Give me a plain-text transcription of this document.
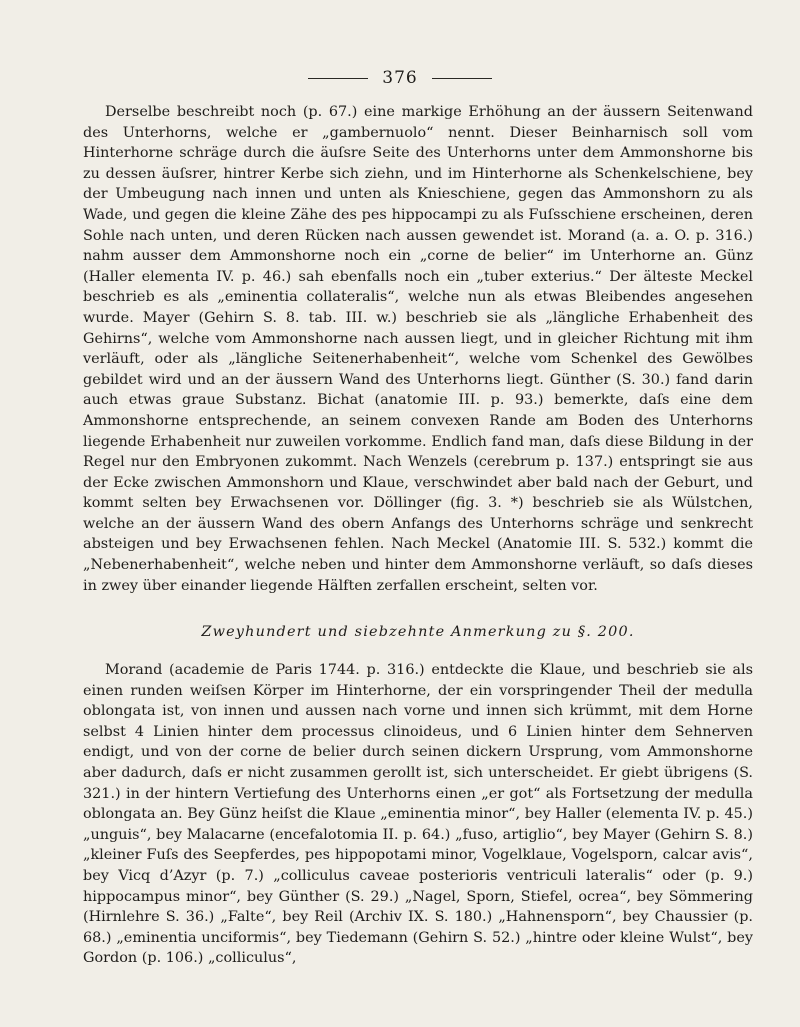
376

Derselbe beschreibt noch (p. 67.) eine markige Erhöhung an der äussern Seitenwand des Unterhorns, welche er „gambernuolo“ nennt. Dieser Beinharnisch soll vom Hinterhorne schräge durch die äuſsre Seite des Unterhorns unter dem Ammonshorne bis zu dessen äuſsrer, hintrer Kerbe sich ziehn, und im Hinterhorne als Schenkelschiene, bey der Umbeugung nach innen und unten als Knieschiene, gegen das Ammonshorn zu als Wade, und gegen die kleine Zähe des pes hippocampi zu als Fuſsschiene erscheinen, deren Sohle nach unten, und deren Rücken nach aussen gewendet ist. Morand (a. a. O. p. 316.) nahm ausser dem Ammonshorne noch ein „corne de belier“ im Unterhorne an. Günz (Haller elementa IV. p. 46.) sah ebenfalls noch ein „tuber exterius.“ Der älteste Meckel beschrieb es als „eminentia collateralis“, welche nun als etwas Bleibendes angesehen wurde. Mayer (Gehirn S. 8. tab. III. w.) beschrieb sie als „längliche Erhabenheit des Gehirns“, welche vom Ammonshorne nach aussen liegt, und in gleicher Richtung mit ihm verläuft, oder als „längliche Seitenerhabenheit“, welche vom Schenkel des Gewölbes gebildet wird und an der äussern Wand des Unterhorns liegt. Günther (S. 30.) fand darin auch etwas graue Substanz. Bichat (anatomie III. p. 93.) bemerkte, daſs eine dem Ammonshorne entsprechende, an seinem convexen Rande am Boden des Unterhorns liegende Erhabenheit nur zuweilen vorkomme. Endlich fand man, daſs diese Bildung in der Regel nur den Embryonen zukommt. Nach Wenzels (cerebrum p. 137.) entspringt sie aus der Ecke zwischen Ammonshorn und Klaue, verschwindet aber bald nach der Geburt, und kommt selten bey Erwachsenen vor. Döllinger (fig. 3. *) beschrieb sie als Wülstchen, welche an der äussern Wand des obern Anfangs des Unterhorns schräge und senkrecht absteigen und bey Erwachsenen fehlen. Nach Meckel (Anatomie III. S. 532.) kommt die „Nebenerhabenheit“, welche neben und hinter dem Ammonshorne verläuft, so daſs dieses in zwey über einander liegende Hälften zerfallen erscheint, selten vor.

Zweyhundert und siebzehnte Anmerkung zu §. 200.

Morand (academie de Paris 1744. p. 316.) entdeckte die Klaue, und beschrieb sie als einen runden weiſsen Körper im Hinterhorne, der ein vorspringender Theil der medulla oblongata ist, von innen und aussen nach vorne und innen sich krümmt, mit dem Horne selbst 4 Linien hinter dem processus clinoideus, und 6 Linien hinter dem Sehnerven endigt, und von der corne de belier durch seinen dickern Ursprung, vom Ammonshorne aber dadurch, daſs er nicht zusammen gerollt ist, sich unterscheidet. Er giebt übrigens (S. 321.) in der hintern Vertiefung des Unterhorns einen „er got“ als Fortsetzung der medulla oblongata an. Bey Günz heiſst die Klaue „eminentia minor“, bey Haller (elementa IV. p. 45.) „unguis“, bey Malacarne (encefalotomia II. p. 64.) „fuso, artiglio“, bey Mayer (Gehirn S. 8.) „kleiner Fuſs des Seepferdes, pes hippopotami minor, Vogelklaue, Vogelsporn, calcar avis“, bey Vicq d’Azyr (p. 7.) „colliculus caveae posterioris ventriculi lateralis“ oder (p. 9.) hippocampus minor“, bey Günther (S. 29.) „Nagel, Sporn, Stiefel, ocrea“, bey Sömmering (Hirnlehre S. 36.) „Falte“, bey Reil (Archiv IX. S. 180.) „Hahnensporn“, bey Chaussier (p. 68.) „eminentia unciformis“, bey Tiedemann (Gehirn S. 52.) „hintre oder kleine Wulst“, bey Gordon (p. 106.) „colliculus“,
